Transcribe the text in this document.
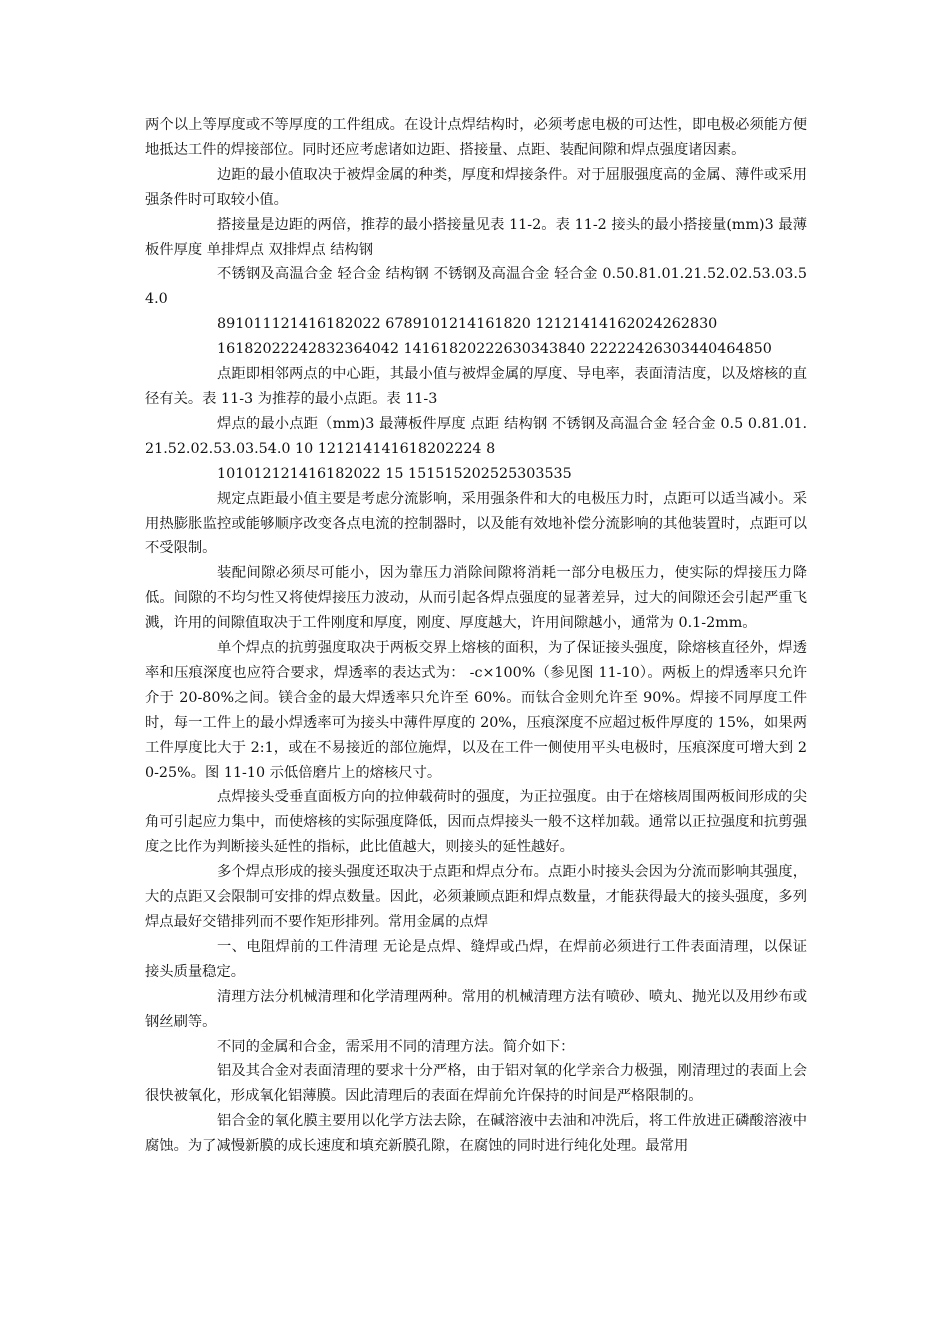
两个以上等厚度或不等厚度的工件组成。在设计点焊结构时，必须考虑电极的可达性，即电极必须能方便地抵达工件的焊接部位。同时还应考虑诸如边距、搭接量、点距、装配间隙和焊点强度诸因素。

边距的最小值取决于被焊金属的种类，厚度和焊接条件。对于屈服强度高的金属、薄件或采用强条件时可取较小值。

搭接量是边距的两倍，推荐的最小搭接量见表 11-2。表 11-2 接头的最小搭接量(mm)3 最薄板件厚度 单排焊点 双排焊点 结构钢

不锈钢及高温合金 轻合金 结构钢 不锈钢及高温合金 轻合金 0.50.81.01.21.52.02.53.03.54.0

891011121416182022 6789101214161820 12121414162024262830

16182022242832364042 14161820222630343840 22222426303440464850

点距即相邻两点的中心距，其最小值与被焊金属的厚度、导电率，表面清洁度，以及熔核的直径有关。表 11-3 为推荐的最小点距。表 11-3

焊点的最小点距（mm)3 最薄板件厚度 点距 结构钢 不锈钢及高温合金 轻合金 0.5 0.81.01.21.52.02.53.03.54.0 10 121214141618202224 8

101012121416182022 15 151515202525303535

规定点距最小值主要是考虑分流影响，采用强条件和大的电极压力时，点距可以适当减小。采用热膨胀监控或能够顺序改变各点电流的控制器时，以及能有效地补偿分流影响的其他装置时，点距可以不受限制。

装配间隙必须尽可能小，因为靠压力消除间隙将消耗一部分电极压力，使实际的焊接压力降低。间隙的不均匀性又将使焊接压力波动，从而引起各焊点强度的显著差异，过大的间隙还会引起严重飞溅，许用的间隙值取决于工件刚度和厚度，刚度、厚度越大，许用间隙越小，通常为 0.1-2mm。

单个焊点的抗剪强度取决于两板交界上熔核的面积，为了保证接头强度，除熔核直径外，焊透率和压痕深度也应符合要求，焊透率的表达式为： -c×100%（参见图 11-10）。两板上的焊透率只允许介于 20-80%之间。镁合金的最大焊透率只允许至 60%。而钛合金则允许至 90%。焊接不同厚度工件时，每一工件上的最小焊透率可为接头中薄件厚度的 20%，压痕深度不应超过板件厚度的 15%，如果两工件厚度比大于 2:1，或在不易接近的部位施焊，以及在工件一侧使用平头电极时，压痕深度可增大到 20-25%。图 11-10 示低倍磨片上的熔核尺寸。

点焊接头受垂直面板方向的拉伸载荷时的强度，为正拉强度。由于在熔核周围两板间形成的尖角可引起应力集中，而使熔核的实际强度降低，因而点焊接头一般不这样加载。通常以正拉强度和抗剪强度之比作为判断接头延性的指标，此比值越大，则接头的延性越好。

多个焊点形成的接头强度还取决于点距和焊点分布。点距小时接头会因为分流而影响其强度，大的点距又会限制可安排的焊点数量。因此，必须兼顾点距和焊点数量，才能获得最大的接头强度，多列焊点最好交错排列而不要作矩形排列。常用金属的点焊

一、电阻焊前的工件清理 无论是点焊、缝焊或凸焊，在焊前必须进行工件表面清理，以保证接头质量稳定。

清理方法分机械清理和化学清理两种。常用的机械清理方法有喷砂、喷丸、抛光以及用纱布或钢丝刷等。

不同的金属和合金，需采用不同的清理方法。简介如下：

铝及其合金对表面清理的要求十分严格，由于铝对氧的化学亲合力极强，刚清理过的表面上会很快被氧化，形成氧化铝薄膜。因此清理后的表面在焊前允许保持的时间是严格限制的。

铝合金的氧化膜主要用以化学方法去除，在碱溶液中去油和冲洗后，将工件放进正磷酸溶液中腐蚀。为了减慢新膜的成长速度和填充新膜孔隙，在腐蚀的同时进行纯化处理。最常用
